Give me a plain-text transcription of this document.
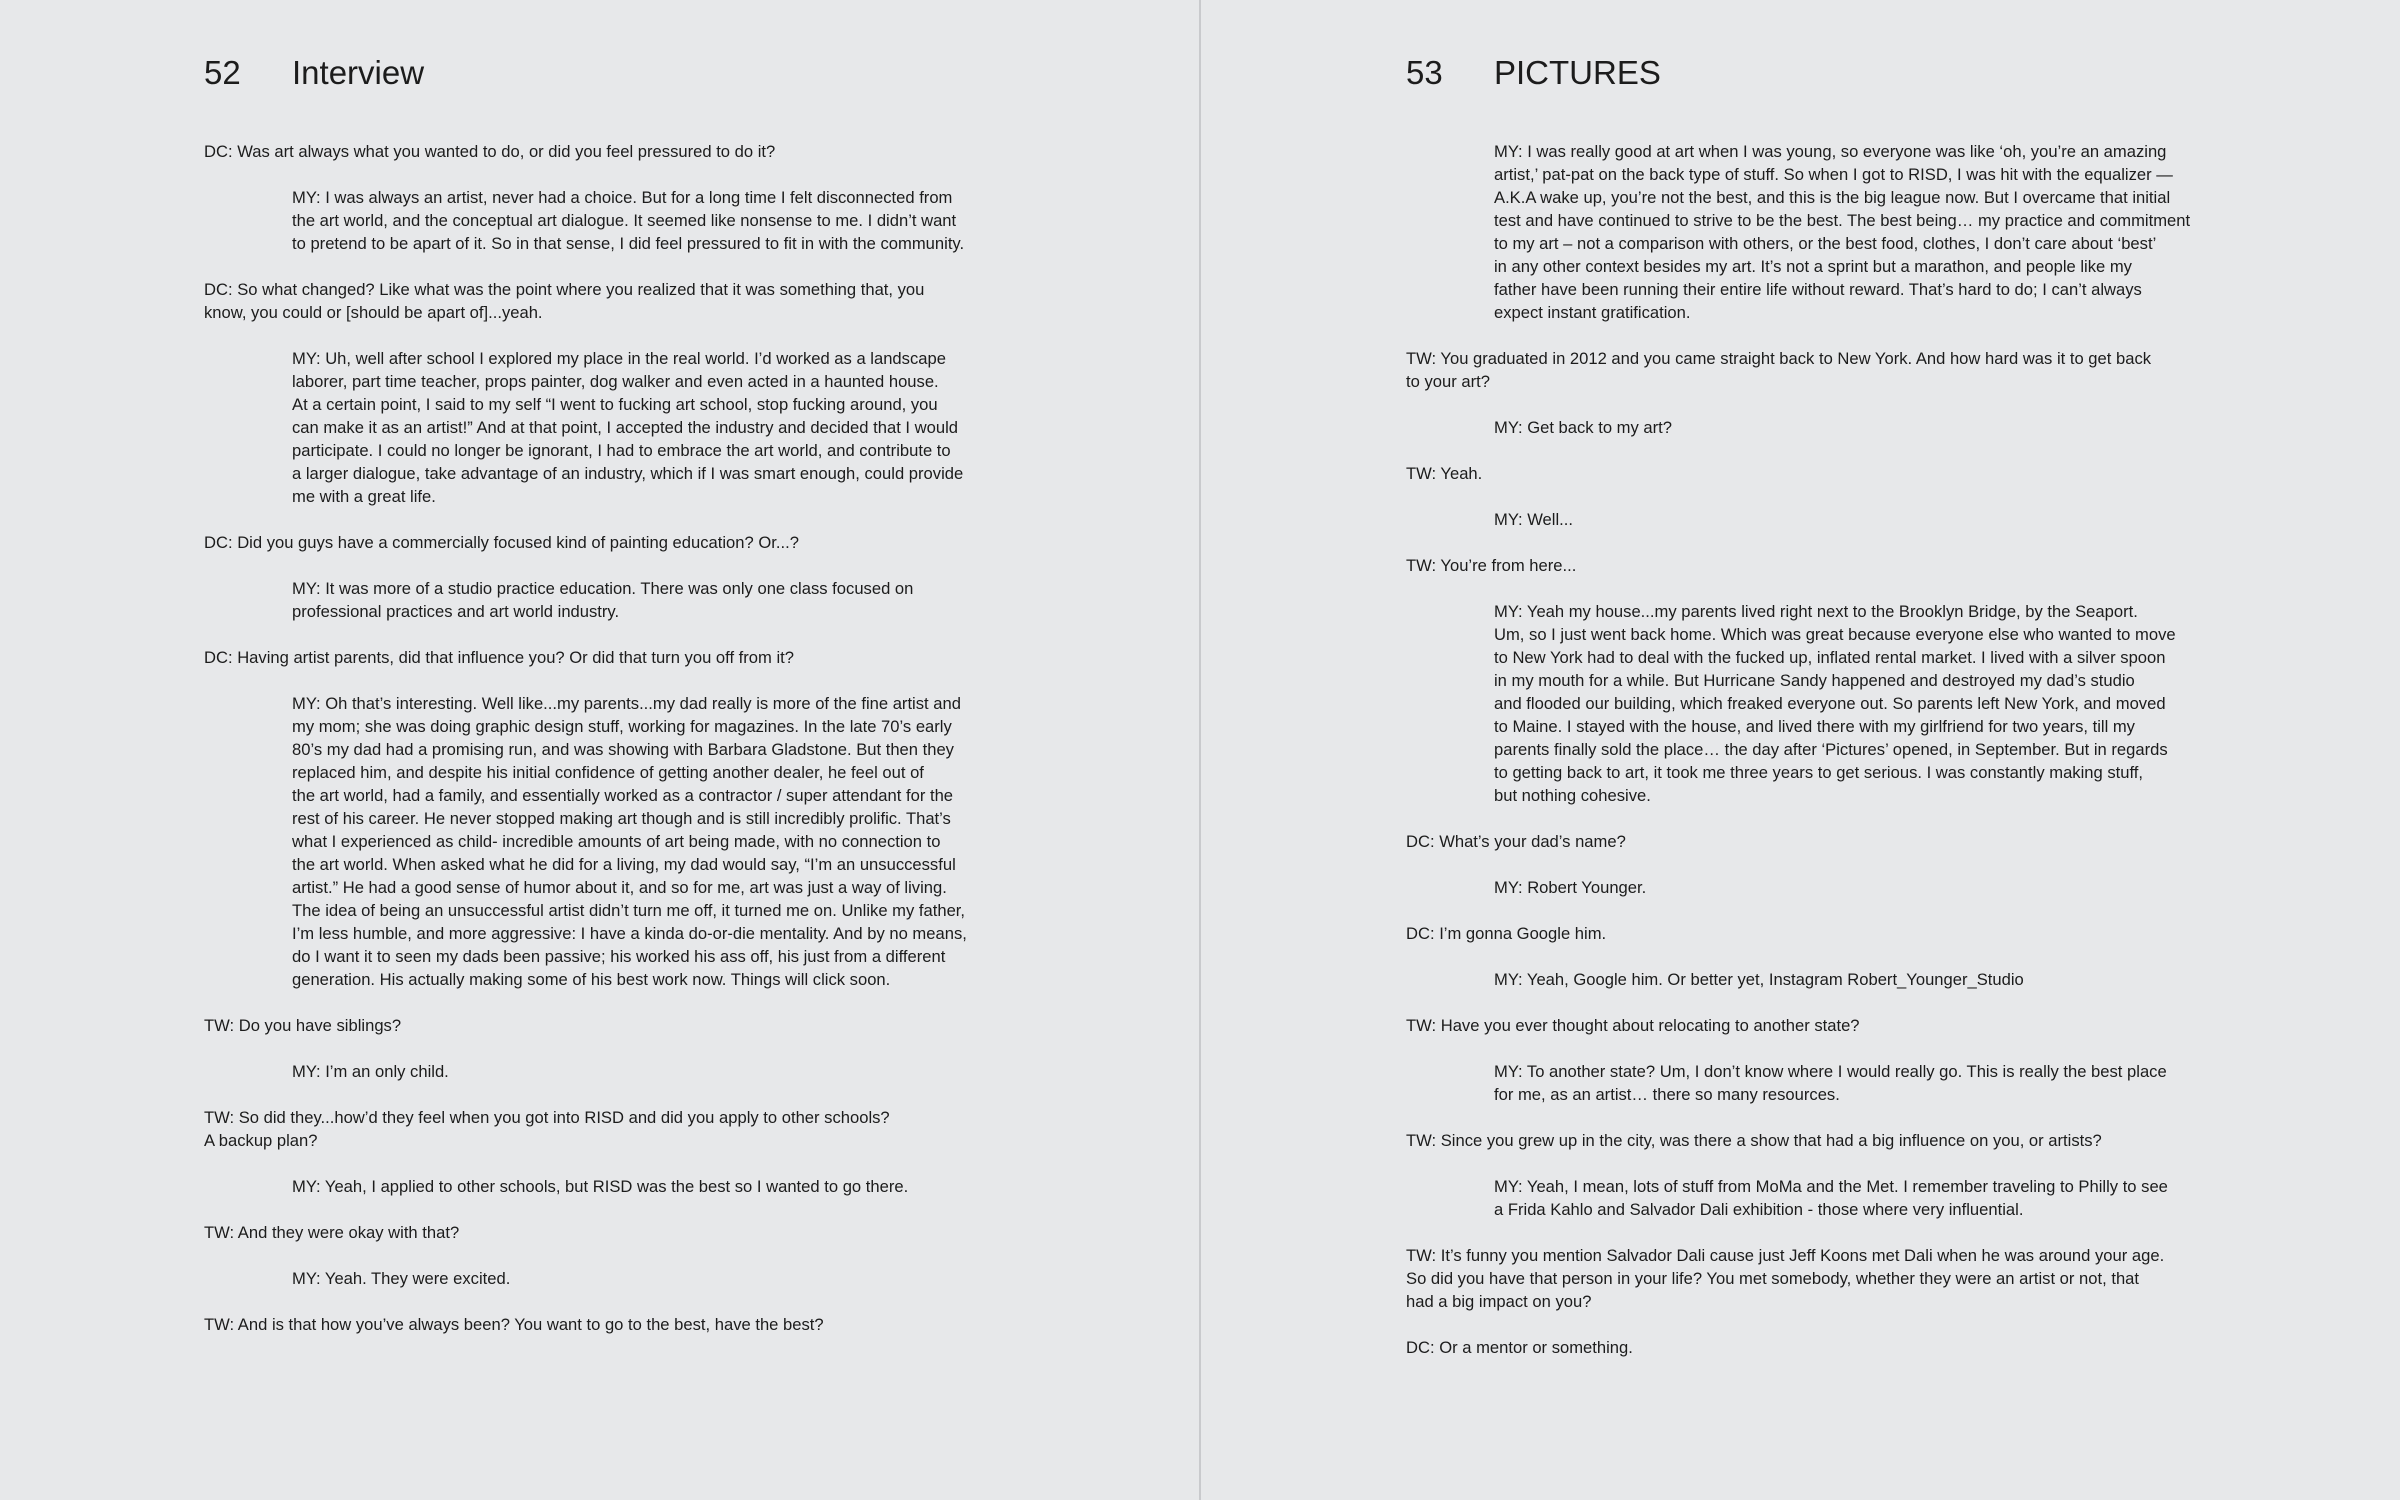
52	Interview

DC: Was art always what you wanted to do, or did you feel pressured to do it?

MY: I was always an artist, never had a choice. But for a long time I felt disconnected from
the art world, and the conceptual art dialogue. It seemed like nonsense to me. I didn’t want
to pretend to be apart of it. So in that sense, I did feel pressured to fit in with the community.

DC: So what changed? Like what was the point where you realized that it was something that, you
know, you could or [should be apart of]...yeah.

MY: Uh, well after school I explored my place in the real world. I’d worked as a landscape
laborer, part time teacher, props painter, dog walker and even acted in a haunted house.
At a certain point, I said to my self “I went to fucking art school, stop fucking around, you
can make it as an artist!” And at that point, I accepted the industry and decided that I would
participate. I could no longer be ignorant, I had to embrace the art world, and contribute to
a larger dialogue, take advantage of an industry, which if I was smart enough, could provide
me with a great life.

DC: Did you guys have a commercially focused kind of painting education? Or...?

MY: It was more of a studio practice education. There was only one class focused on
professional practices and art world industry.

DC: Having artist parents, did that influence you? Or did that turn you off from it?

MY: Oh that’s interesting. Well like...my parents...my dad really is more of the fine artist and
my mom; she was doing graphic design stuff, working for magazines. In the late 70’s early
80’s my dad had a promising run, and was showing with Barbara Gladstone. But then they
replaced him, and despite his initial confidence of getting another dealer, he feel out of
the art world, had a family, and essentially worked as a contractor / super attendant for the
rest of his career. He never stopped making art though and is still incredibly prolific. That’s
what I experienced as child- incredible amounts of art being made, with no connection to
the art world. When asked what he did for a living, my dad would say, “I’m an unsuccessful
artist.” He had a good sense of humor about it, and so for me, art was just a way of living.
The idea of being an unsuccessful artist didn’t turn me off, it turned me on. Unlike my father,
I’m less humble, and more aggressive: I have a kinda do-or-die mentality. And by no means,
do I want it to seen my dads been passive; his worked his ass off, his just from a different
generation. His actually making some of his best work now. Things will click soon.

TW: Do you have siblings?

MY: I’m an only child.

TW: So did they...how’d they feel when you got into RISD and did you apply to other schools?
A backup plan?

MY: Yeah, I applied to other schools, but RISD was the best so I wanted to go there.

TW: And they were okay with that?

MY: Yeah. They were excited.

TW: And is that how you’ve always been? You want to go to the best, have the best?

53	PICTURES

MY: I was really good at art when I was young, so everyone was like ‘oh, you’re an amazing
artist,’ pat-pat on the back type of stuff. So when I got to RISD, I was hit with the equalizer —
A.K.A wake up, you’re not the best, and this is the big league now. But I overcame that initial
test and have continued to strive to be the best. The best being… my practice and commitment
to my art – not a comparison with others, or the best food, clothes, I don’t care about ‘best’
in any other context besides my art. It’s not a sprint but a marathon, and people like my
father have been running their entire life without reward. That’s hard to do; I can’t always
expect instant gratification.

TW: You graduated in 2012 and you came straight back to New York. And how hard was it to get back
to your art?

MY: Get back to my art?

TW: Yeah.

MY: Well...

TW: You’re from here...

MY: Yeah my house...my parents lived right next to the Brooklyn Bridge, by the Seaport.
Um, so I just went back home. Which was great because everyone else who wanted to move
to New York had to deal with the fucked up, inflated rental market. I lived with a silver spoon
in my mouth for a while. But Hurricane Sandy happened and destroyed my dad’s studio
and flooded our building, which freaked everyone out. So parents left New York, and moved
to Maine. I stayed with the house, and lived there with my girlfriend for two years, till my
parents finally sold the place… the day after ‘Pictures’ opened, in September. But in regards
to getting back to art, it took me three years to get serious. I was constantly making stuff,
but nothing cohesive.

DC: What’s your dad’s name?

MY: Robert Younger.

DC: I’m gonna Google him.

MY: Yeah, Google him. Or better yet, Instagram Robert_Younger_Studio

TW: Have you ever thought about relocating to another state?

MY: To another state? Um, I don’t know where I would really go. This is really the best place
for me, as an artist… there so many resources.

TW: Since you grew up in the city, was there a show that had a big influence on you, or artists?

MY: Yeah, I mean, lots of stuff from MoMa and the Met. I remember traveling to Philly to see
a Frida Kahlo and Salvador Dali exhibition - those where very influential.

TW: It’s funny you mention Salvador Dali cause just Jeff Koons met Dali when he was around your age.
So did you have that person in your life? You met somebody, whether they were an artist or not, that
had a big impact on you?

DC: Or a mentor or something.
